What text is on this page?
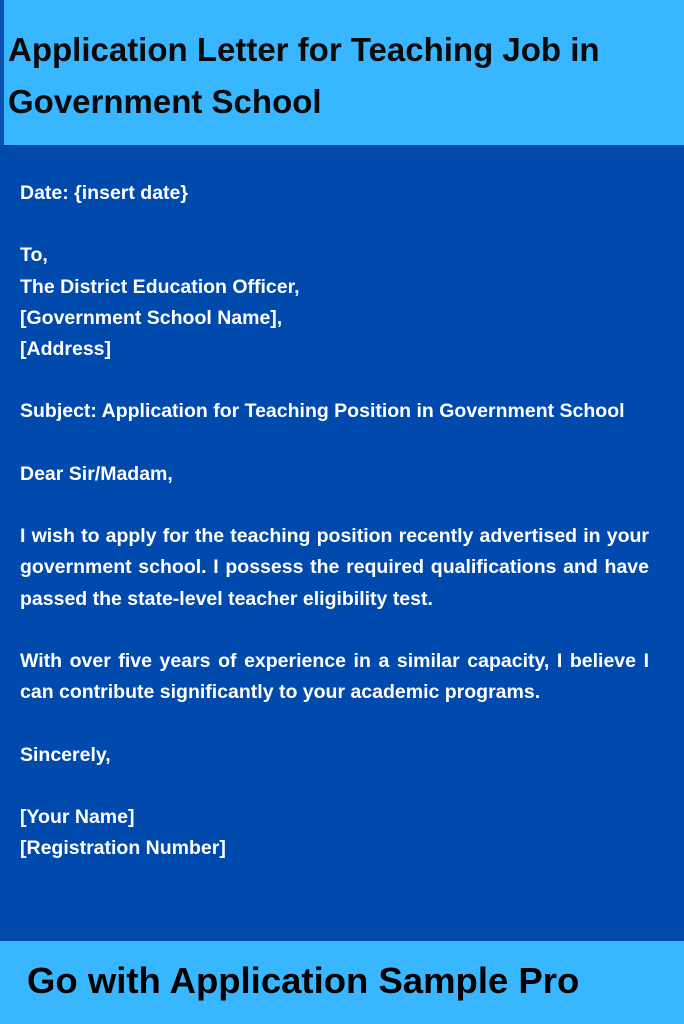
Application Letter for Teaching Job in Government School

Date: {insert date}

To,

The District Education Officer,

[Government School Name],

[Address]

Subject: Application for Teaching Position in Government School

Dear Sir/Madam,

I wish to apply for the teaching position recently advertised in your government school. I possess the required qualifications and have passed the state-level teacher eligibility test.

With over five years of experience in a similar capacity, I believe I can contribute significantly to your academic programs.

Sincerely,

[Your Name]

[Registration Number]

Go with Application Sample Pro
